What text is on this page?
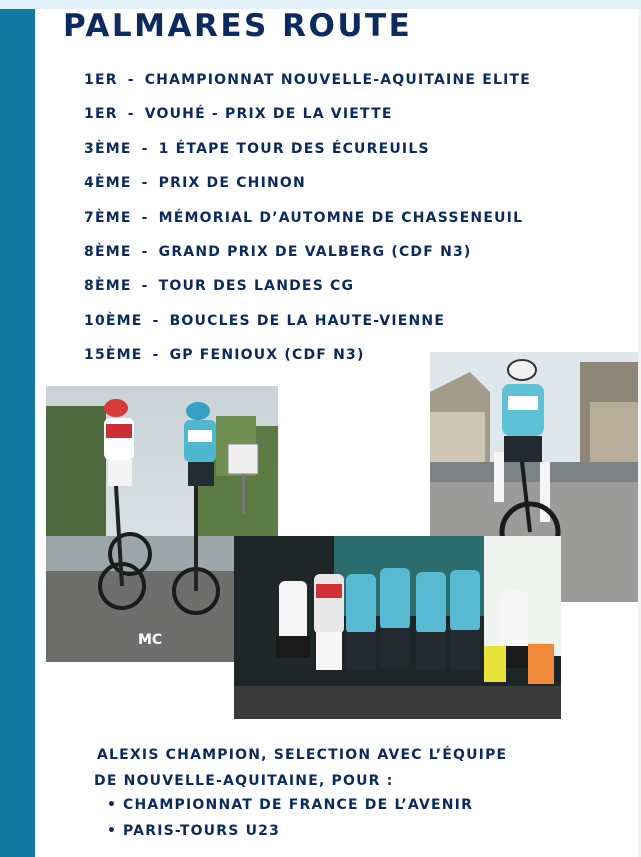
PALMARES ROUTE
1ER - CHAMPIONNAT NOUVELLE-AQUITAINE ELITE
1ER - VOUHÉ - PRIX DE LA VIETTE
3ÈME - 1 ÉTAPE TOUR DES ÉCUREUILS
4ÈME - PRIX DE CHINON
7ÈME - MÉMORIAL D’AUTOMNE DE CHASSENEUIL
8ÈME - GRAND PRIX DE VALBERG (CDF N3)
8ÈME - TOUR DES LANDES CG
10ÈME - BOUCLES DE LA HAUTE-VIENNE
15ÈME - GP FENIOUX (CDF N3)
MC

ALEXIS CHAMPION, SELECTION AVEC L’ÉQUIPE
DE NOUVELLE-AQUITAINE, POUR :

• CHAMPIONNAT DE FRANCE DE L’AVENIR
• PARIS-TOURS U23
